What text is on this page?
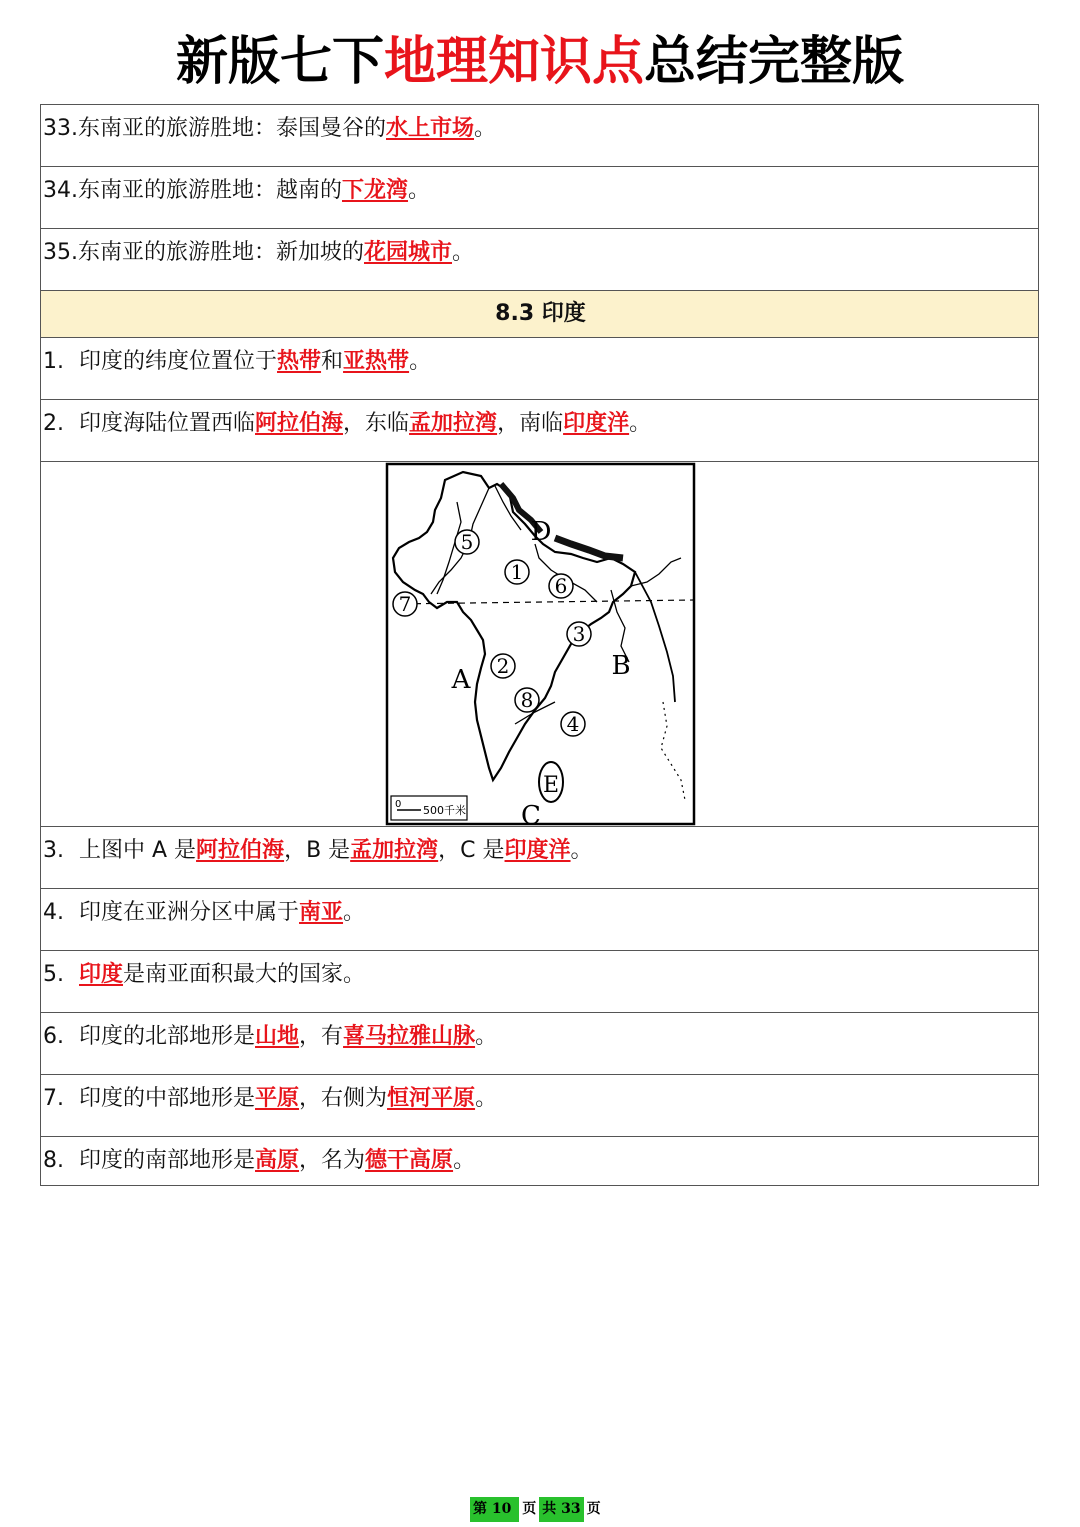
新版七下地理知识点总结完整版
33.东南亚的旅游胜地：泰国曼谷的水上市场。
34.东南亚的旅游胜地：越南的下龙湾。
35.东南亚的旅游胜地：新加坡的花园城市。
8.3 印度
1. 印度的纬度位置位于热带和亚热带。
2. 印度海陆位置西临阿拉伯海，东临孟加拉湾，南临印度洋。

5
1
6
7
3
2
8
4
A	B
C
D
E
0 500千米

3. 上图中 A 是阿拉伯海，B 是孟加拉湾，C 是印度洋。
4. 印度在亚洲分区中属于南亚。
5. 印度是南亚面积最大的国家。
6. 印度的北部地形是山地，有喜马拉雅山脉。
7. 印度的中部地形是平原，右侧为恒河平原。
8. 印度的南部地形是高原，名为德干高原。
第 10 页 共 33 页
